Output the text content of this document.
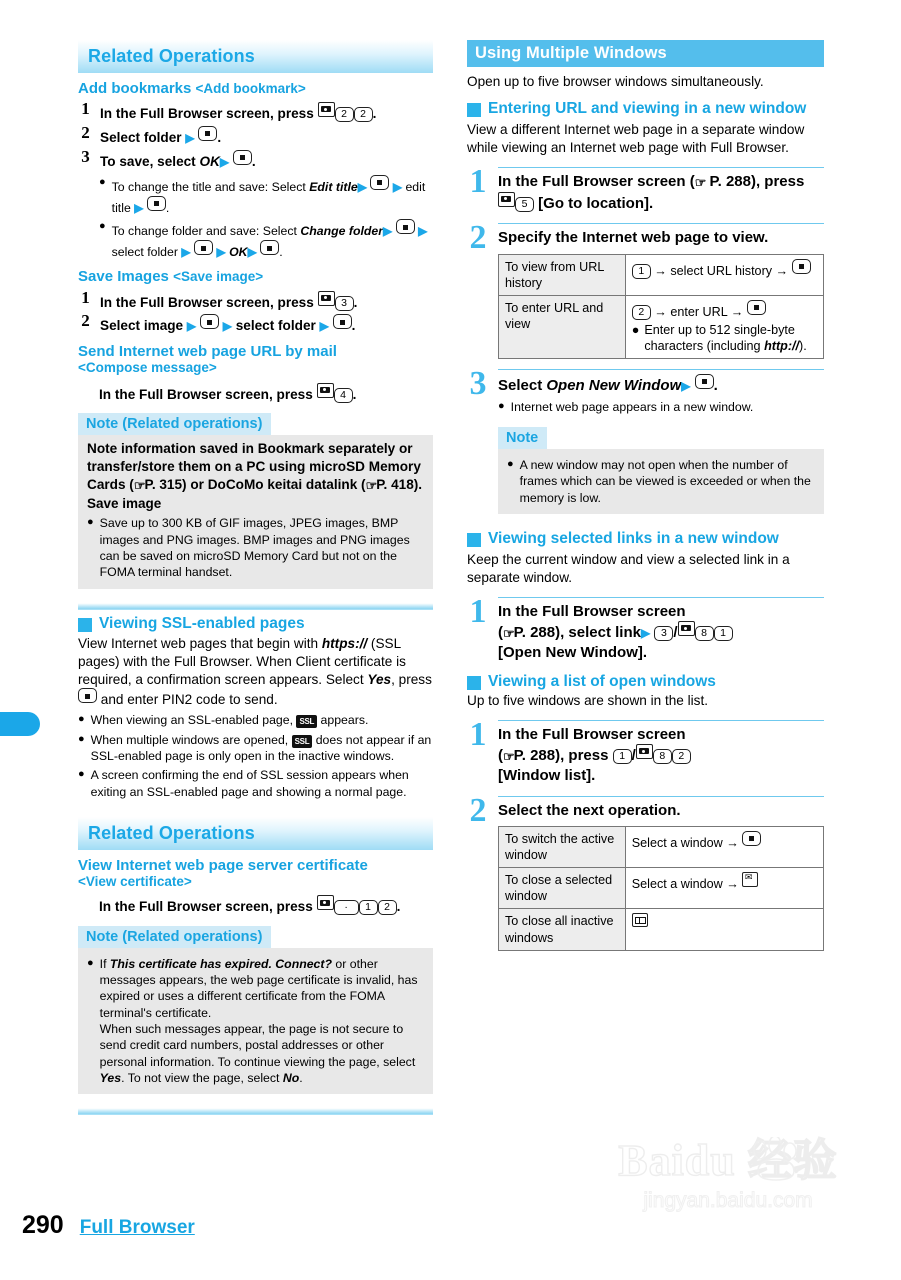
Related Operations
Add bookmarks <Add bookmark>
1 In the Full Browser screen, press
2 2 .
2 Select folder ▶ .
3 To save, select OK▶ .
● To change the title and save: Select Edit title▶ ▶ edit title ▶ .
● To change folder and save: Select Change folder▶ ▶ select folder ▶ ▶ OK▶ .
Save Images <Save image>
1 In the Full Browser screen, press
3 .
2 Select image ▶ ▶ select folder ▶ .
Send Internet web page URL by mail
<Compose message>
In the Full Browser screen, press
4 .
Note (Related operations)
Note information saved in Bookmark separately or transfer/store them on a PC using microSD Memory Cards ( ☞ P. 315) or DoCoMo keitai datalink (☞ P. 418).
Save image
● Save up to 300 KB of GIF images, JPEG images, BMP images and PNG images. BMP images and PNG images can be saved on microSD Memory Card but not on the FOMA terminal handset.
Viewing SSL-enabled pages
View Internet web pages that begin with https:// (SSL pages) with the Full Browser. When Client certificate is required, a confirmation screen appears. Select Yes, press  and enter PIN2 code to send.
● When viewing an SSL-enabled page, SSL appears.
● When multiple windows are opened, SSL does not appear if an SSL-enabled page is only open in the inactive windows.
● A screen confirming the end of SSL session appears when exiting an SSL-enabled page and showing a normal page.
Related Operations
View Internet web page server certificate
<View certificate>
In the Full Browser screen, press	· 1 2 .
Note (Related operations)
● If This certificate has expired. Connect? or other messages appears, the web page certificate is invalid, has expired or uses a different certificate from the FOMA terminal's certificate.
When such messages appear, the page is not secure to send credit card numbers, postal addresses or other personal information. To continue viewing the page, select Yes. To not view the page, select No.
Using Multiple Windows
Open up to five browser windows simultaneously.
Entering URL and viewing in a new window
View a different Internet web page in a separate window while viewing an Internet web page with Full Browser.
1 In the Full Browser screen (☞ P. 288), press
5 [Go to location].
2 Specify the Internet web page to view.
To view from URL history	1 → select URL history →
To enter URL and view	2 → enter URL →
● Enter up to 512 single-byte characters (including http://).
3 Select Open New Window▶ .
● Internet web page appears in a new window.
Note
● A new window may not open when the number of frames which can be viewed is exceeded or when the memory is low.
Viewing selected links in a new window
Keep the current window and view a selected link in a separate window.
1 In the Full Browser screen
( ☞ P. 288), select link▶ 3 / 8 1
[Open New Window].
Viewing a list of open windows
Up to five windows are shown in the list.
1 In the Full Browser screen
( ☞ P. 288), press 1 / 8 2
[Window list].
2 Select the next operation.
To switch the active window	Select a window →
To close a selected window	Select a window → ✉
To close all inactive windows	
290 Full Browser
Baidu 经验
jingyan.baidu.com
